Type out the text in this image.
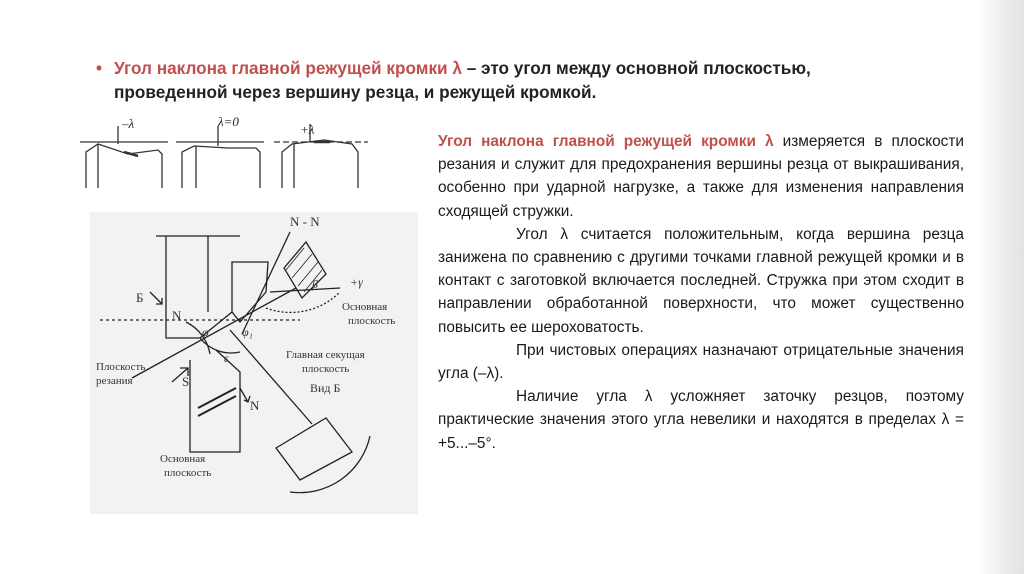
• Угол наклона главной режущей кромки λ – это угол между основной плоскостью,
проведенной через вершину резца, и режущей кромкой.
–λ	λ=0
+λ
N - N
Б
N
N
φ	φ₁
ε
S
+γ
β
Основная
плоскость
Главная секущая
плоскость
Плоскость
резания	Вид Б
Основная
плоскость

Угол наклона главной режущей кромки λ измеряется в плоскости резания и служит для предохранения вершины резца от выкрашивания, особенно при ударной нагрузке, а также для изменения направления сходящей стружки.

Угол λ считается положительным, когда вершина резца занижена по сравнению с другими точками главной режущей кромки и в контакт с заготовкой включается последней. Стружка при этом сходит в направлении обработанной поверхности, что может существенно повысить ее шероховатость.

При чистовых операциях назначают отрицательные значения угла (–λ).

Наличие угла λ усложняет заточку резцов, поэтому практические значения этого угла невелики и находятся в пределах λ = +5...–5°.
